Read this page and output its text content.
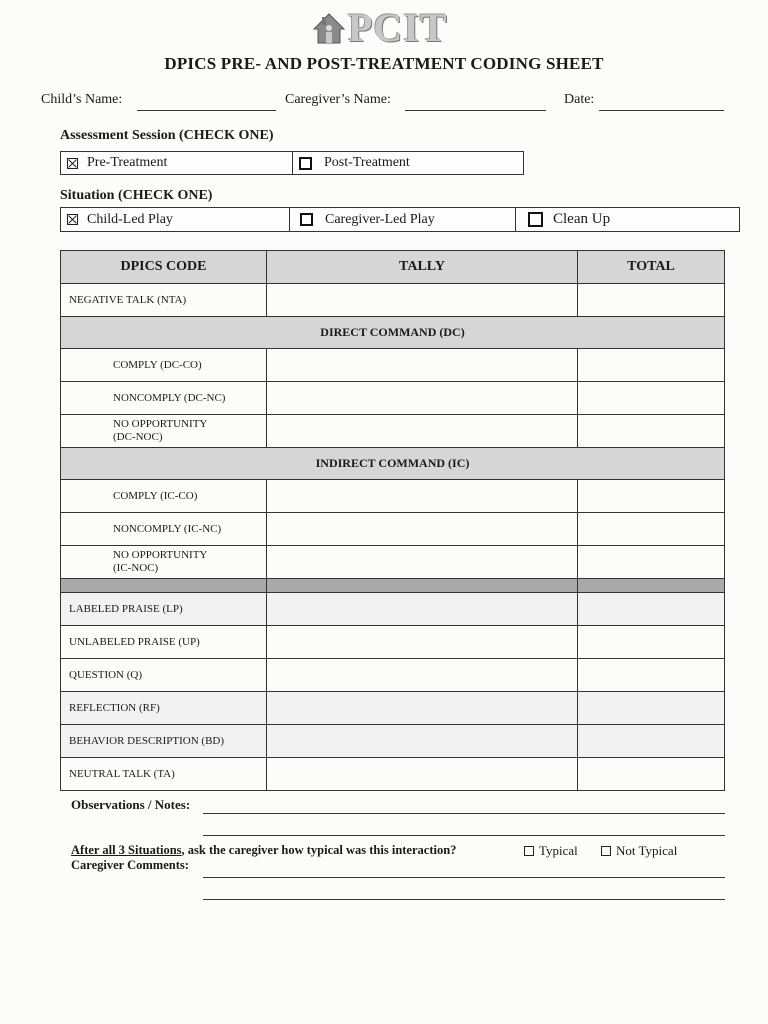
PCIT
DPICS PRE- AND POST-TREATMENT CODING SHEET
Child’s Name:	Caregiver’s Name:	Date:
Assessment Session (CHECK ONE)
Pre-Treatment	Post-Treatment
Situation (CHECK ONE)
Child-Led Play	Caregiver-Led Play	Clean Up
DPICS CODE	TALLY	TOTAL
NEGATIVE TALK (NTA)		
DIRECT COMMAND (DC)		
COMPLY (DC-CO)		
NONCOMPLY (DC-NC)		

NO OPPORTUNITY
(DC-NOC)		

INDIRECT COMMAND (IC)		
COMPLY (IC-CO)		
NONCOMPLY (IC-NC)		

NO OPPORTUNITY
(IC-NOC)		

LABELED PRAISE (LP)		
UNLABELED PRAISE (UP)		
QUESTION (Q)		
REFLECTION (RF)		
BEHAVIOR DESCRIPTION (BD)		
NEUTRAL TALK (TA)		
Observations / Notes:
After all 3 Situations, ask the caregiver how typical was this interaction?	Typical	Not Typical
Caregiver Comments:
